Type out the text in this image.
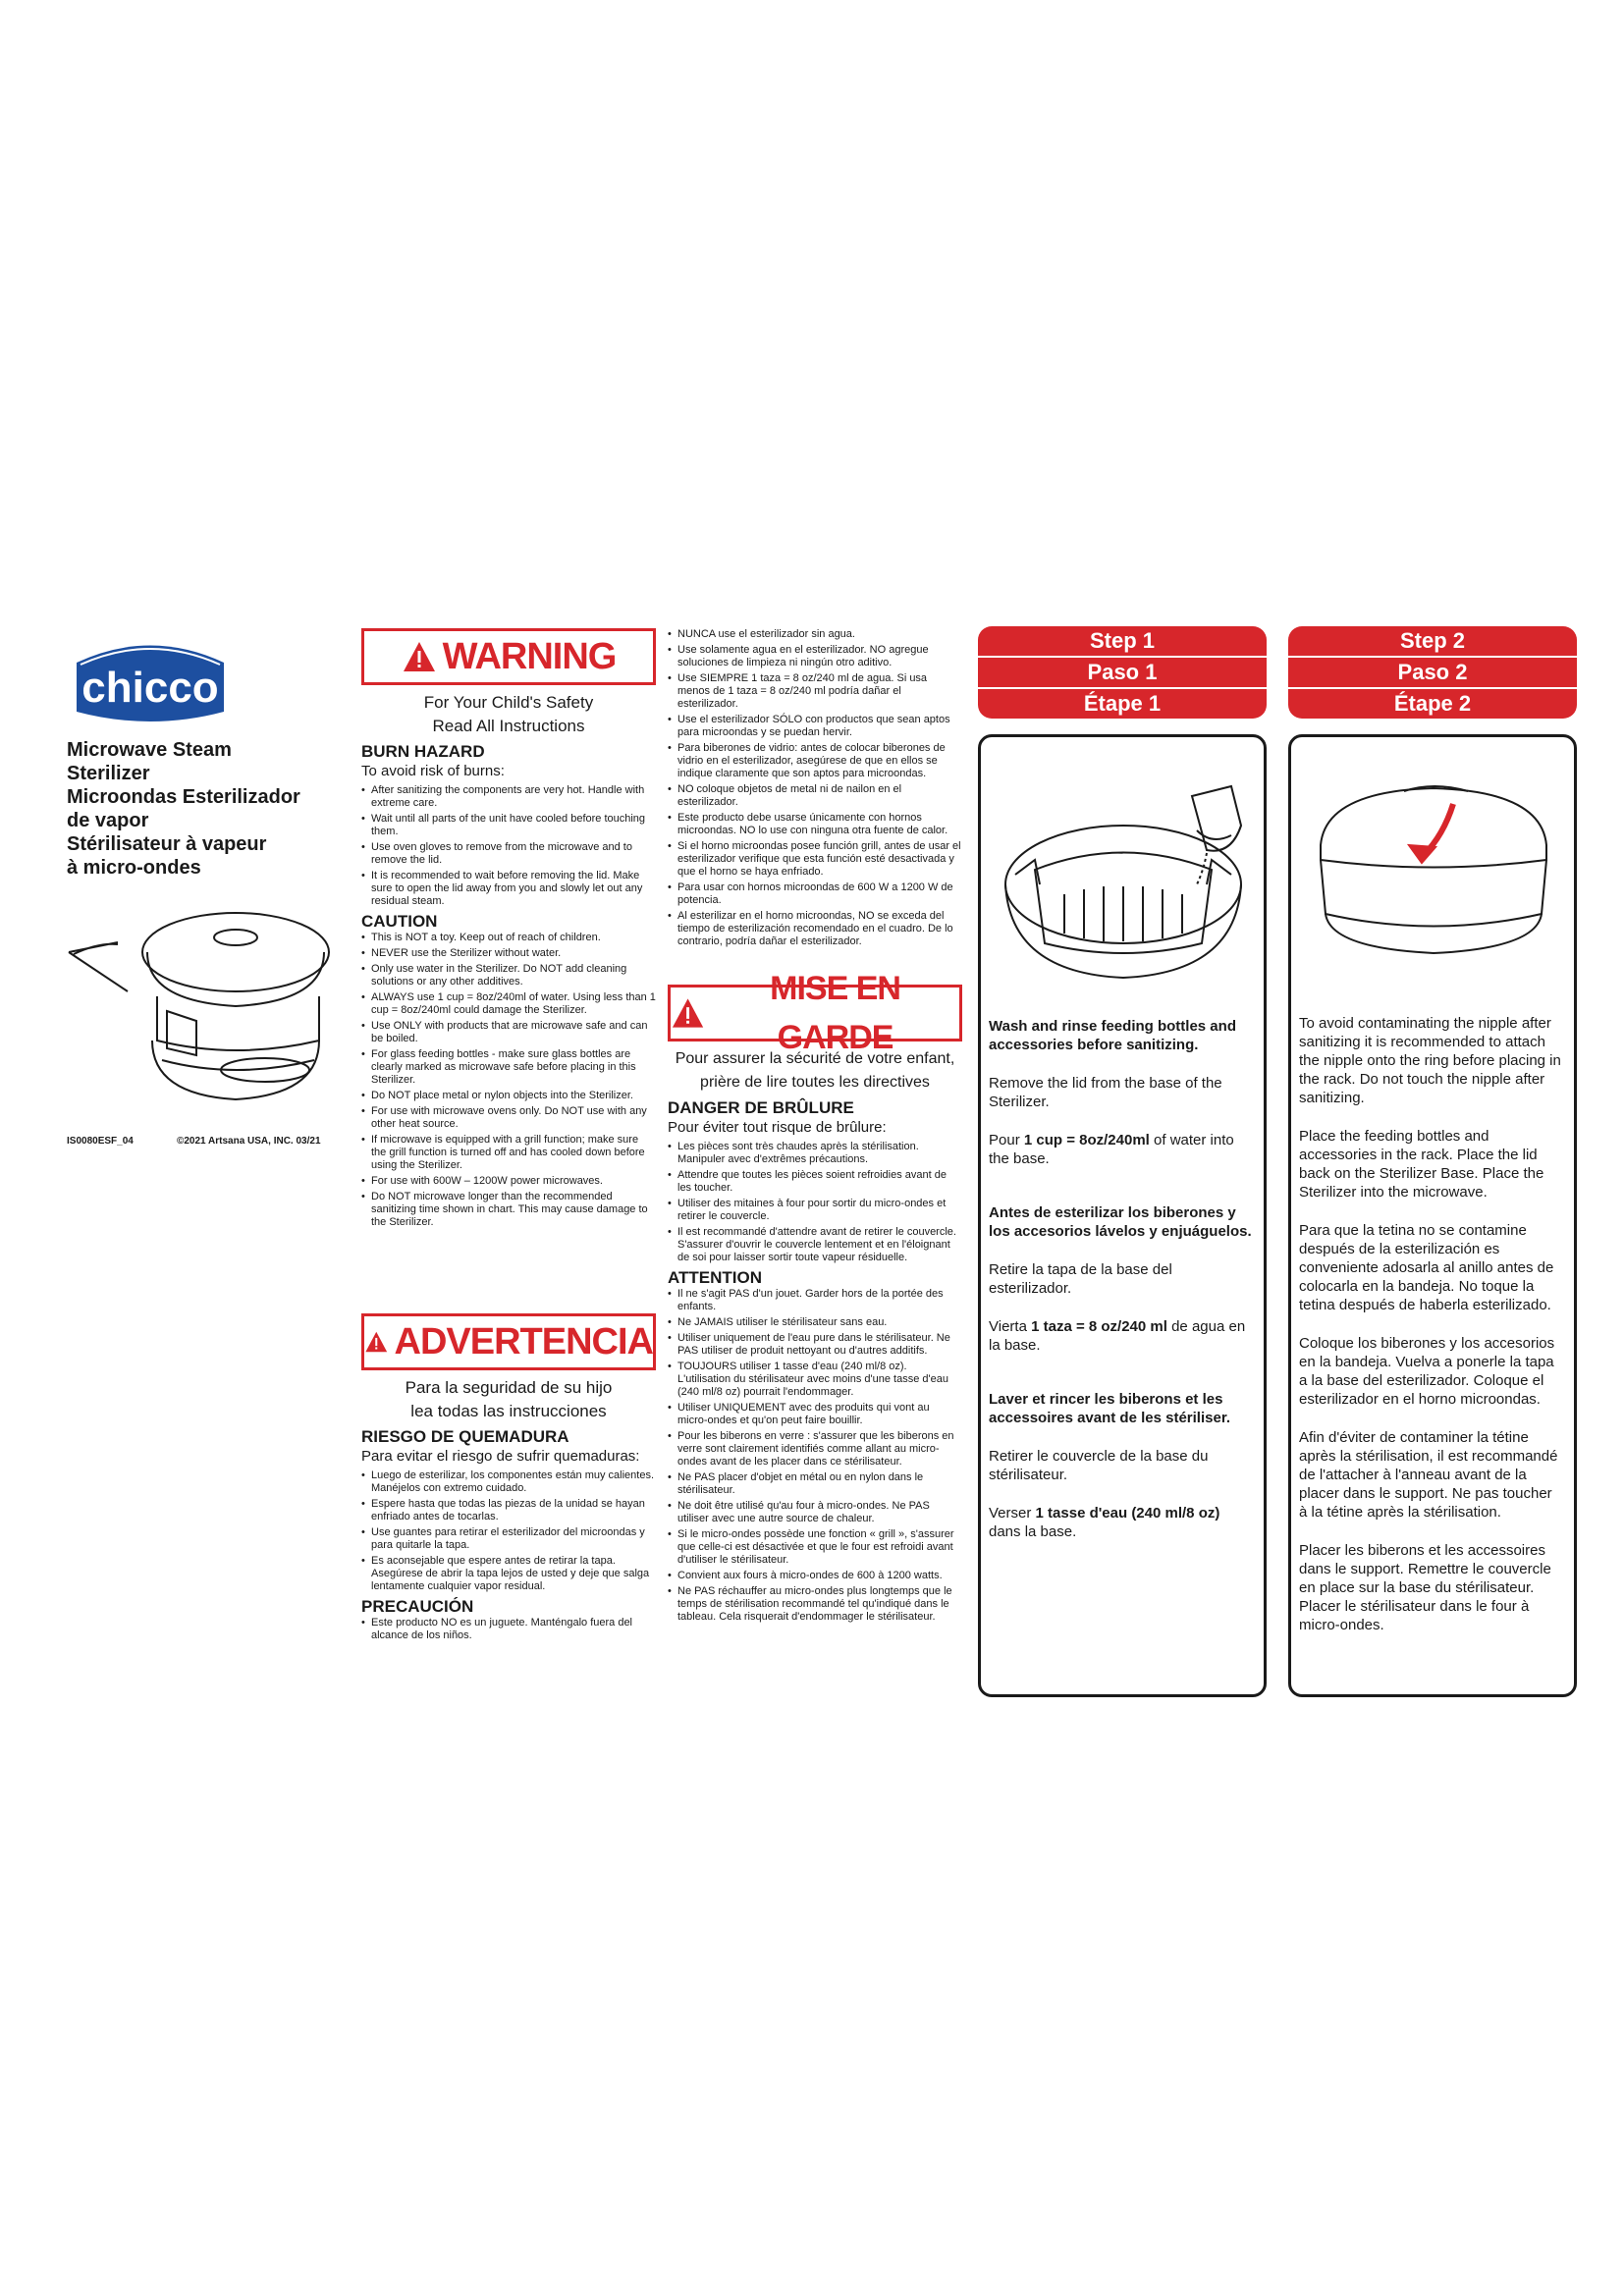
chicco
Microwave Steam
Sterilizer
Microondas Esterilizador
de vapor
Stérilisateur à vapeur
à micro-ondes
IS0080ESF_04	©2021 Artsana USA, INC. 03/21
WARNING
For Your Child's Safety
Read All Instructions
BURN HAZARD
To avoid risk of burns:
• After sanitizing the components are very hot. Handle with extreme care.
• Wait until all parts of the unit have cooled before touching them.
• Use oven gloves to remove from the microwave and to remove the lid.
• It is recommended to wait before removing the lid. Make sure to open the lid away from you and slowly let out any residual steam.
CAUTION
• This is NOT a toy. Keep out of reach of children.
• NEVER use the Sterilizer without water.
• Only use water in the Sterilizer. Do NOT add cleaning solutions or any other additives.
• ALWAYS use 1 cup = 8oz/240ml of water. Using less than 1 cup = 8oz/240ml could damage the Sterilizer.
• Use ONLY with products that are microwave safe and can be boiled.
• For glass feeding bottles - make sure glass bottles are clearly marked as microwave safe before placing in this Sterilizer.
• Do NOT place metal or nylon objects into the Sterilizer.
• For use with microwave ovens only. Do NOT use with any other heat source.
• If microwave is equipped with a grill function; make sure the grill function is turned off and has cooled down before using the Sterilizer.
• For use with 600W – 1200W power microwaves.
• Do NOT microwave longer than the recommended sanitizing time shown in chart. This may cause damage to the Sterilizer.
ADVERTENCIA
Para la seguridad de su hijo
lea todas las instrucciones
RIESGO DE QUEMADURA
Para evitar el riesgo de sufrir quemaduras:
• Luego de esterilizar, los componentes están muy calientes. Manéjelos con extremo cuidado.
• Espere hasta que todas las piezas de la unidad se hayan enfriado antes de tocarlas.
• Use guantes para retirar el esterilizador del microondas y para quitarle la tapa.
• Es aconsejable que espere antes de retirar la tapa. Asegúrese de abrir la tapa lejos de usted y deje que salga lentamente cualquier vapor residual.
PRECAUCIÓN
• Este producto NO es un juguete. Manténgalo fuera del alcance de los niños.
• NUNCA use el esterilizador sin agua.
• Use solamente agua en el esterilizador. NO agregue soluciones de limpieza ni ningún otro aditivo.
• Use SIEMPRE 1 taza = 8 oz/240 ml de agua. Si usa menos de 1 taza = 8 oz/240 ml podría dañar el esterilizador.
• Use el esterilizador SÓLO con productos que sean aptos para microondas y se puedan hervir.
• Para biberones de vidrio: antes de colocar biberones de vidrio en el esterilizador, asegúrese de que en ellos se indique claramente que son aptos para microondas.
• NO coloque objetos de metal ni de nailon en el esterilizador.
• Este producto debe usarse únicamente con hornos microondas. NO lo use con ninguna otra fuente de calor.
• Si el horno microondas posee función grill, antes de usar el esterilizador verifique que esta función esté desactivada y que el horno se haya enfriado.
• Para usar con hornos microondas de 600 W a 1200 W de potencia.
• Al esterilizar en el horno microondas, NO se exceda del tiempo de esterilización recomendado en el cuadro. De lo contrario, podría dañar el esterilizador.
MISE EN GARDE
Pour assurer la sécurité de votre enfant,
prière de lire toutes les directives
DANGER DE BRÛLURE
Pour éviter tout risque de brûlure:
• Les pièces sont très chaudes après la stérilisation. Manipuler avec d'extrêmes précautions.
• Attendre que toutes les pièces soient refroidies avant de les toucher.
• Utiliser des mitaines à four pour sortir du micro-ondes et retirer le couvercle.
• Il est recommandé d'attendre avant de retirer le couvercle. S'assurer d'ouvrir le couvercle lentement et en l'éloignant de soi pour laisser sortir toute vapeur résiduelle.
ATTENTION
• Il ne s'agit PAS d'un jouet. Garder hors de la portée des enfants.
• Ne JAMAIS utiliser le stérilisateur sans eau.
• Utiliser uniquement de l'eau pure dans le stérilisateur. Ne PAS utiliser de produit nettoyant ou d'autres additifs.
• TOUJOURS utiliser 1 tasse d'eau (240 ml/8 oz). L'utilisation du stérilisateur avec moins d'une tasse d'eau (240 ml/8 oz) pourrait l'endommager.
• Utiliser UNIQUEMENT avec des produits qui vont au micro-ondes et qu'on peut faire bouillir.
• Pour les biberons en verre : s'assurer que les biberons en verre sont clairement identifiés comme allant au micro-ondes avant de les placer dans ce stérilisateur.
• Ne PAS placer d'objet en métal ou en nylon dans le stérilisateur.
• Ne doit être utilisé qu'au four à micro-ondes. Ne PAS utiliser avec une autre source de chaleur.
• Si le micro-ondes possède une fonction « grill », s'assurer que celle-ci est désactivée et que le four est refroidi avant d'utiliser le stérilisateur.
• Convient aux fours à micro-ondes de 600 à 1200 watts.
• Ne PAS réchauffer au micro-ondes plus longtemps que le temps de stérilisation recommandé tel qu'indiqué dans le tableau. Cela risquerait d'endommager le stérilisateur.
Step 1
Paso 1
Étape 1

Wash and rinse feeding bottles and accessories before sanitizing.

Remove the lid from the base of the Sterilizer.

Pour 1 cup = 8oz/240ml of water into the base.

Antes de esterilizar los biberones y los accesorios lávelos y enjuáguelos.

Retire la tapa de la base del esterilizador.

Vierta 1 taza = 8 oz/240 ml de agua en la base.

Laver et rincer les biberons et les accessoires avant de les stériliser.

Retirer le couvercle de la base du stérilisateur.

Verser 1 tasse d'eau (240 ml/8 oz) dans la base.

Step 2
Paso 2
Étape 2

To avoid contaminating the nipple after sanitizing it is recommended to attach the nipple onto the ring before placing in the rack. Do not touch the nipple after sanitizing.

Place the feeding bottles and accessories in the rack. Place the lid back on the Sterilizer Base. Place the Sterilizer into the microwave.

Para que la tetina no se contamine después de la esterilización es conveniente adosarla al anillo antes de colocarla en la bandeja. No toque la tetina después de haberla esterilizado.

Coloque los biberones y los accesorios en la bandeja. Vuelva a ponerle la tapa a la base del esterilizador. Coloque el esterilizador en el horno microondas.

Afin d'éviter de contaminer la tétine après la stérilisation, il est recommandé de l'attacher à l'anneau avant de la placer dans le support. Ne pas toucher à la tétine après la stérilisation.

Placer les biberons et les accessoires dans le support. Remettre le couvercle en place sur la base du stérilisateur. Placer le stérilisateur dans le four à micro-ondes.
